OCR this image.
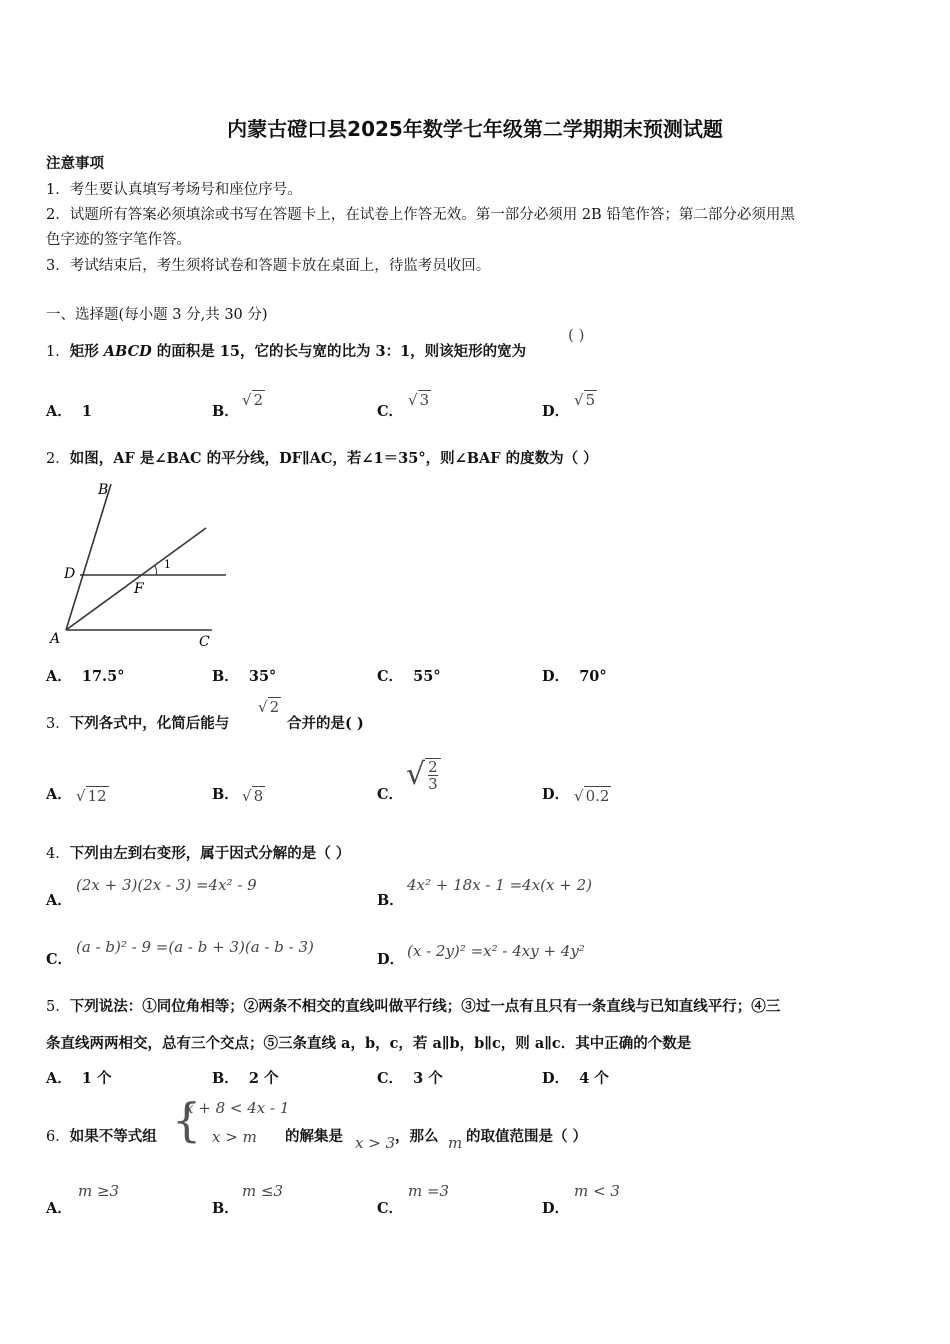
内蒙古磴口县2025年数学七年级第二学期期末预测试题
注意事项
1．考生要认真填写考场号和座位序号。
2．试题所有答案必须填涂或书写在答题卡上，在试卷上作答无效。第一部分必须用 2B 铅笔作答；第二部分必须用黑
色字迹的签字笔作答。
3．考试结束后，考生须将试卷和答题卡放在桌面上，待监考员收回。
一、选择题(每小题 3 分,共 30 分)
1．矩形 ABCD 的面积是 15，它的长与宽的比为 3：1，则该矩形的宽为
( )
A． 1	B．
√ 2
C．
√ 3
D．
√ 5
2．如图，AF 是∠BAC 的平分线，DF∥AC，若∠1＝35°，则∠BAF 的度数为（ ）
B
D
F
1
A	C
A． 17.5°	B． 35°	C． 55°	D． 70°
3．下列各式中，化简后能与
√ 2
合并的是( )
A． √ 12	B． √ 8	C．
√ $\frac{2}{3}$
D． √ 0.2
4．下列由左到右变形，属于因式分解的是（ ）
A．
(2x + 3)(2x - 3) =4x² - 9
B．
4x² + 18x - 1 =4x(x + 2)
C．
(a - b)² - 9 =(a - b + 3)(a - b - 3)
D． (x - 2y)² =x² - 4xy + 4y²
5．下列说法：①同位角相等；②两条不相交的直线叫做平行线；③过一点有且只有一条直线与已知直线平行；④三
条直线两两相交，总有三个交点；⑤三条直线 a，b，c，若 a∥b，b∥c，则 a∥c．其中正确的个数是
A． 1 个	B． 2 个	C． 3 个	D． 4 个
6．如果不等式组 {
x + 8 < 4x - 1
x > m 的解集是 x > 3 ，那么 m 的取值范围是（ ）
A．
m ≥3
B．
m ≤3
C．
m =3
D．
m < 3
